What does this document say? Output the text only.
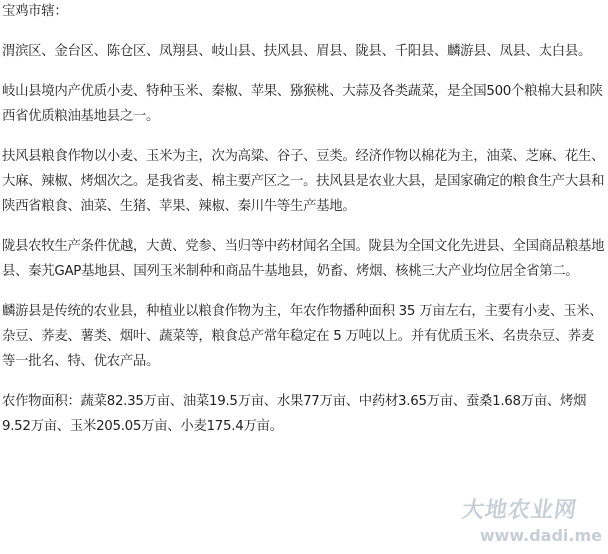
宝鸡市辖：

渭滨区、金台区、陈仓区、凤翔县、岐山县、扶风县、眉县、陇县、千阳县、麟游县、凤县、太白县。

岐山县境内产优质小麦、特种玉米、秦椒、苹果、猕猴桃、大蒜及各类蔬菜，是全国500个粮棉大县和陕西省优质粮油基地县之一。

扶风县粮食作物以小麦、玉米为主，次为高粱、谷子、豆类。经济作物以棉花为主，油菜、芝麻、花生、大麻、辣椒、烤烟次之。是我省麦、棉主要产区之一。扶风县是农业大县，是国家确定的粮食生产大县和陕西省粮食、油菜、生猪、苹果、辣椒、秦川牛等生产基地。

陇县农牧生产条件优越，大黄、党参、当归等中药材闻名全国。陇县为全国文化先进县、全国商品粮基地县、秦艽GAP基地县、国列玉米制种和商品牛基地县，奶畜、烤烟、核桃三大产业均位居全省第二。

麟游县是传统的农业县，种植业以粮食作物为主，年农作物播种面积 35 万亩左右，主要有小麦、玉米、杂豆、荞麦、薯类、烟叶、蔬菜等，粮食总产常年稳定在 5 万吨以上。并有优质玉米、名贵杂豆、荞麦等一批名、特、优农产品。

农作物面积：蔬菜82.35万亩、油菜19.5万亩、水果77万亩、中药材3.65万亩、蚕桑1.68万亩、烤烟9.52万亩、玉米205.05万亩、小麦175.4万亩。

大地农业网
www.dadi.me
